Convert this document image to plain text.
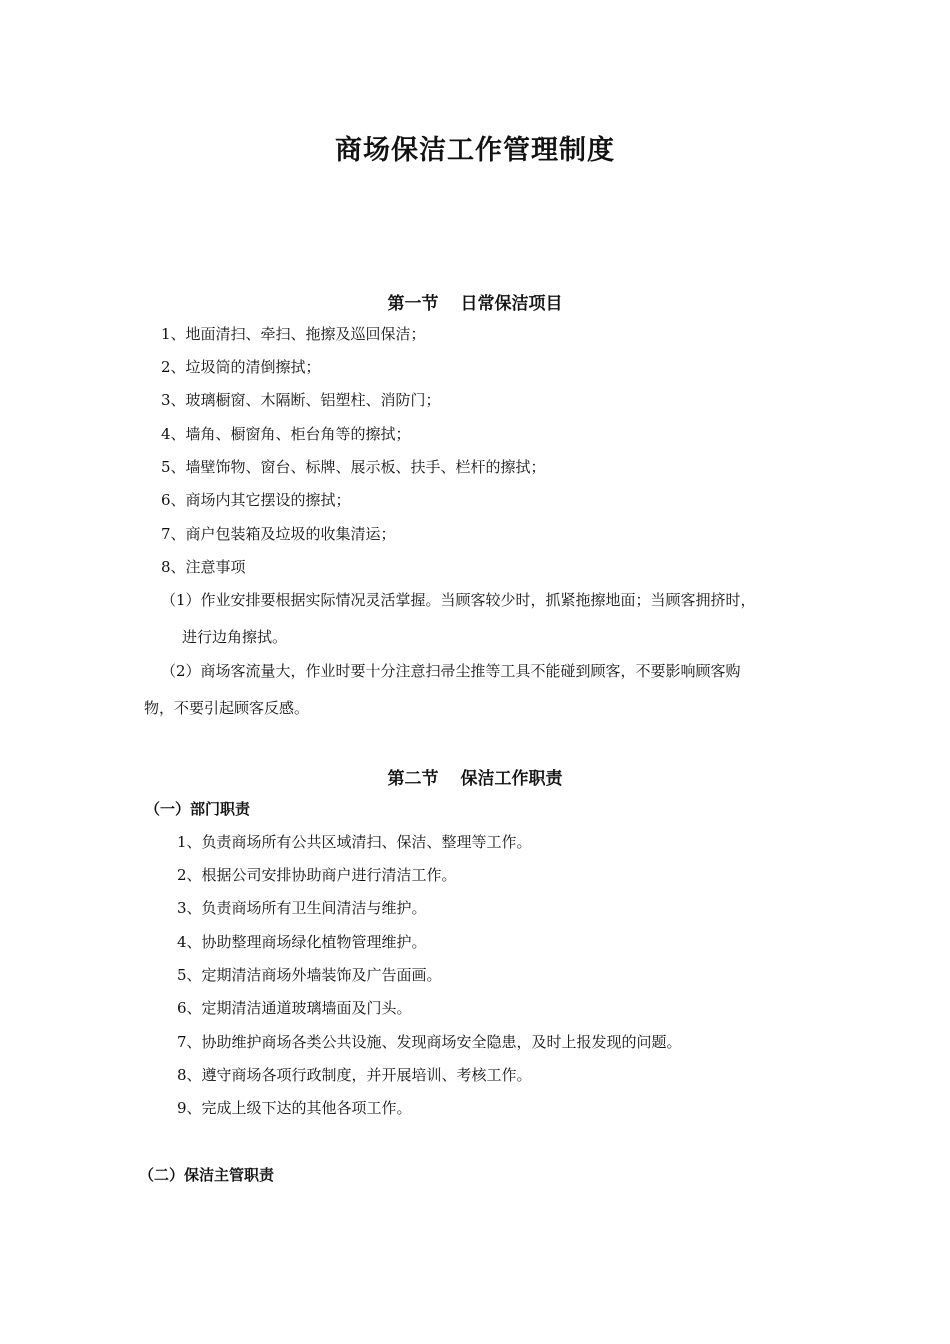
商场保洁工作管理制度
第一节 日常保洁项目
1、地面清扫、牵扫、拖擦及巡回保洁；
2、垃圾筒的清倒擦拭；
3、玻璃橱窗、木隔断、铝塑柱、消防门；
4、墙角、橱窗角、柜台角等的擦拭；
5、墙壁饰物、窗台、标牌、展示板、扶手、栏杆的擦拭；
6、商场内其它摆设的擦拭；
7、商户包装箱及垃圾的收集清运；
8、注意事项
（1）作业安排要根据实际情况灵活掌握。当顾客较少时，抓紧拖擦地面；当顾客拥挤时，
进行边角擦拭。
（2）商场客流量大，作业时要十分注意扫帚尘推等工具不能碰到顾客，不要影响顾客购
物，不要引起顾客反感。
第二节 保洁工作职责
（一）部门职责
1、负责商场所有公共区域清扫、保洁、整理等工作。
2、根据公司安排协助商户进行清洁工作。
3、负责商场所有卫生间清洁与维护。
4、协助整理商场绿化植物管理维护。
5、定期清洁商场外墙装饰及广告面画。
6、定期清洁通道玻璃墙面及门头。
7、协助维护商场各类公共设施、发现商场安全隐患，及时上报发现的问题。
8、遵守商场各项行政制度，并开展培训、考核工作。
9、完成上级下达的其他各项工作。
（二）保洁主管职责
